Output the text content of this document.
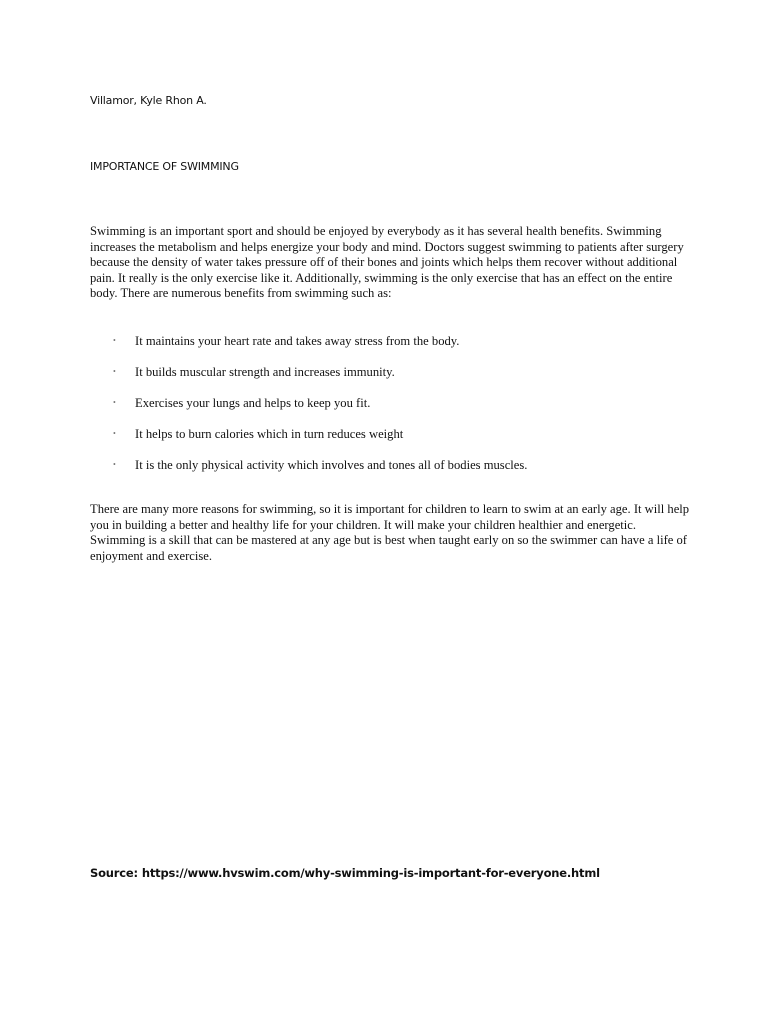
Villamor, Kyle Rhon A.
IMPORTANCE OF SWIMMING

Swimming is an important sport and should be enjoyed by everybody as it has several health benefits. Swimming increases the metabolism and helps energize your body and mind. Doctors suggest swimming to patients after surgery because the density of water takes pressure off of their bones and joints which helps them recover without additional pain. It really is the only exercise like it. Additionally, swimming is the only exercise that has an effect on the entire body. There are numerous benefits from swimming such as:

• It maintains your heart rate and takes away stress from the body.
• It builds muscular strength and increases immunity.
• Exercises your lungs and helps to keep you fit.
• It helps to burn calories which in turn reduces weight
• It is the only physical activity which involves and tones all of bodies muscles.

There are many more reasons for swimming, so it is important for children to learn to swim at an early age. It will help you in building a better and healthy life for your children. It will make your children healthier and energetic. Swimming is a skill that can be mastered at any age but is best when taught early on so the swimmer can have a life of enjoyment and exercise.

Source: https://www.hvswim.com/why-swimming-is-important-for-everyone.html
